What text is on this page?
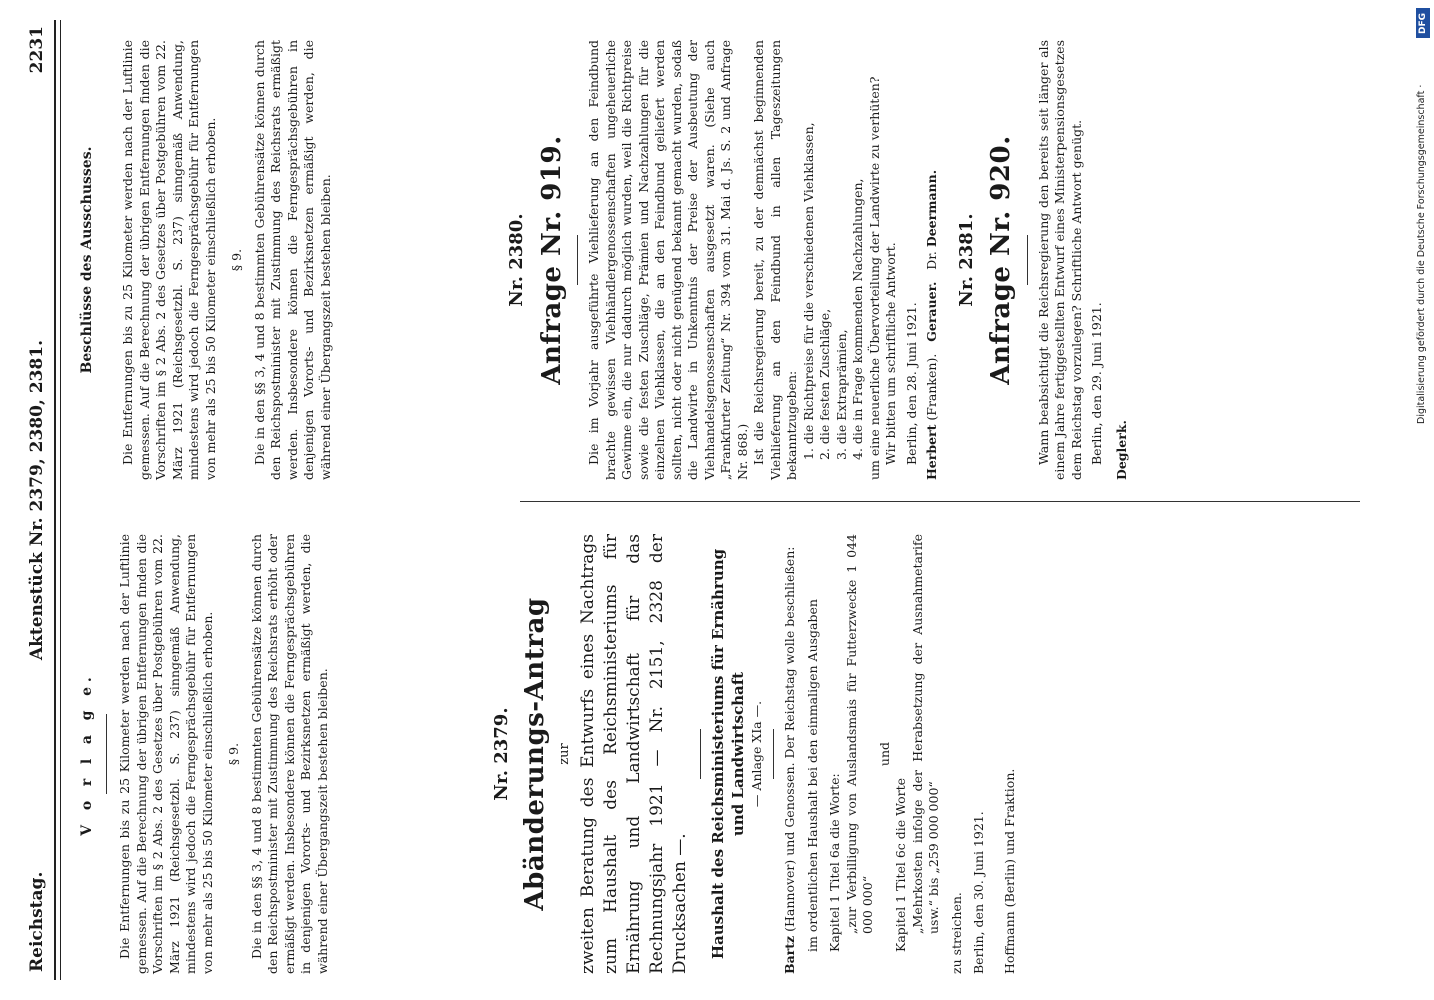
Reichstag.
Aktenstück Nr. 2379, 2380, 2381.
2231
V o r l a g e. Die Entfernungen bis zu 25 Kilometer werden nach der Luftlinie gemessen. Auf die Berechnung der übrigen Entfernungen finden die Vorschriften im § 2 Abs. 2 des Gesetzes über Postgebühren vom 22. März 1921 (Reichsgesetzbl. S. 237) sinngemäß Anwendung, mindestens wird jedoch die Ferngesprächsgebühr für Entfernungen von mehr als 25 bis 50 Kilometer einschließlich erhoben. § 9. Die in den §§ 3, 4 und 8 bestimmten Gebührensätze können durch den Reichspostminister mit Zustimmung des Reichsrats erhöht oder ermäßigt werden. Insbesondere können die Ferngesprächsgebühren in denjenigen Vororts- und Bezirksnetzen ermäßigt werden, die während einer Übergangszeit bestehen bleiben.

Beschlüsse des Ausschusses. Die Entfernungen bis zu 25 Kilometer werden nach der Luftlinie gemessen. Auf die Berechnung der übrigen Entfernungen finden die Vorschriften im § 2 Abs. 2 des Gesetzes über Postgebühren vom 22. März 1921 (Reichsgesetzbl. S. 237) sinngemäß Anwendung, mindestens wird jedoch die Ferngesprächsgebühr für Entfernungen von mehr als 25 bis 50 Kilometer einschließlich erhoben. § 9. Die in den §§ 3, 4 und 8 bestimmten Gebührensätze können durch den Reichspostminister mit Zustimmung des Reichsrats ermäßigt werden. Insbesondere können die Ferngesprächsgebühren in denjenigen Vororts- und Bezirksnetzen ermäßigt werden, die während einer Übergangszeit bestehen bleiben.

Nr. 2379. Abänderungs-Antrag zur zweiten Beratung des Entwurfs eines Nachtrags zum Haushalt des Reichsministeriums für Ernährung und Landwirtschaft für das Rechnungsjahr 1921 — Nr. 2151, 2328 der Drucksachen —. Haushalt des Reichsministeriums für Ernährung und Landwirtschaft — Anlage XIa —.

Bartz (Hannover) und Genossen. Der Reichstag wolle beschließen: im ordentlichen Haushalt bei den einmaligen Ausgaben Kapitel 1 Titel 6a die Worte: „zur Verbilligung von Auslandsmais für Futterzwecke 1 044 000 000“

und

Kapitel 1 Titel 6c die Worte „Mehrkosten infolge der Herabsetzung der Ausnahmetarife usw.“ bis „259 000 000“ zu streichen. Berlin, den 30. Juni 1921. Hoffmann (Berlin) und Fraktion.

Nr. 2380. Anfrage Nr. 919. Die im Vorjahr ausgeführte Viehlieferung an den Feindbund brachte gewissen Viehhändlergenossenschaften ungeheuerliche Gewinne ein, die nur dadurch möglich wurden, weil die Richtpreise sowie die festen Zuschläge, Prämien und Nachzahlungen für die einzelnen Viehklassen, die an den Feindbund geliefert werden sollten, nicht oder nicht genügend bekannt gemacht wurden, sodaß die Landwirte in Unkenntnis der Preise der Ausbeutung der Viehhandelsgenossenschaften ausgesetzt waren. (Siehe auch „Frankfurter Zeitung“ Nr. 394 vom 31. Mai d. Js. S. 2 und Anfrage Nr. 868.) Ist die Reichsregierung bereit, zu der demnächst beginnenden Viehlieferung an den Feindbund in allen Tageszeitungen bekanntzugeben: 1. die Richtpreise für die verschiedenen Viehklassen, 2. die festen Zuschläge, 3. die Extraprämien, 4. die in Frage kommenden Nachzahlungen, um eine neuerliche Übervorteilung der Landwirte zu verhüten? Wir bitten um schriftliche Antwort. Berlin, den 28. Juni 1921. Herbert (Franken).   Gerauer.   Dr. Deermann.

Nr. 2381. Anfrage Nr. 920. Wann beabsichtigt die Reichsregierung den bereits seit länger als einem Jahre fertiggestellten Entwurf eines Ministerpensionsgesetzes dem Reichstag vorzulegen? Schriftliche Antwort genügt. Berlin, den 29. Juni 1921. Deglerk.

DFG
Digitalisierung gefördert durch die Deutsche Forschungsgemeinschaft ·
